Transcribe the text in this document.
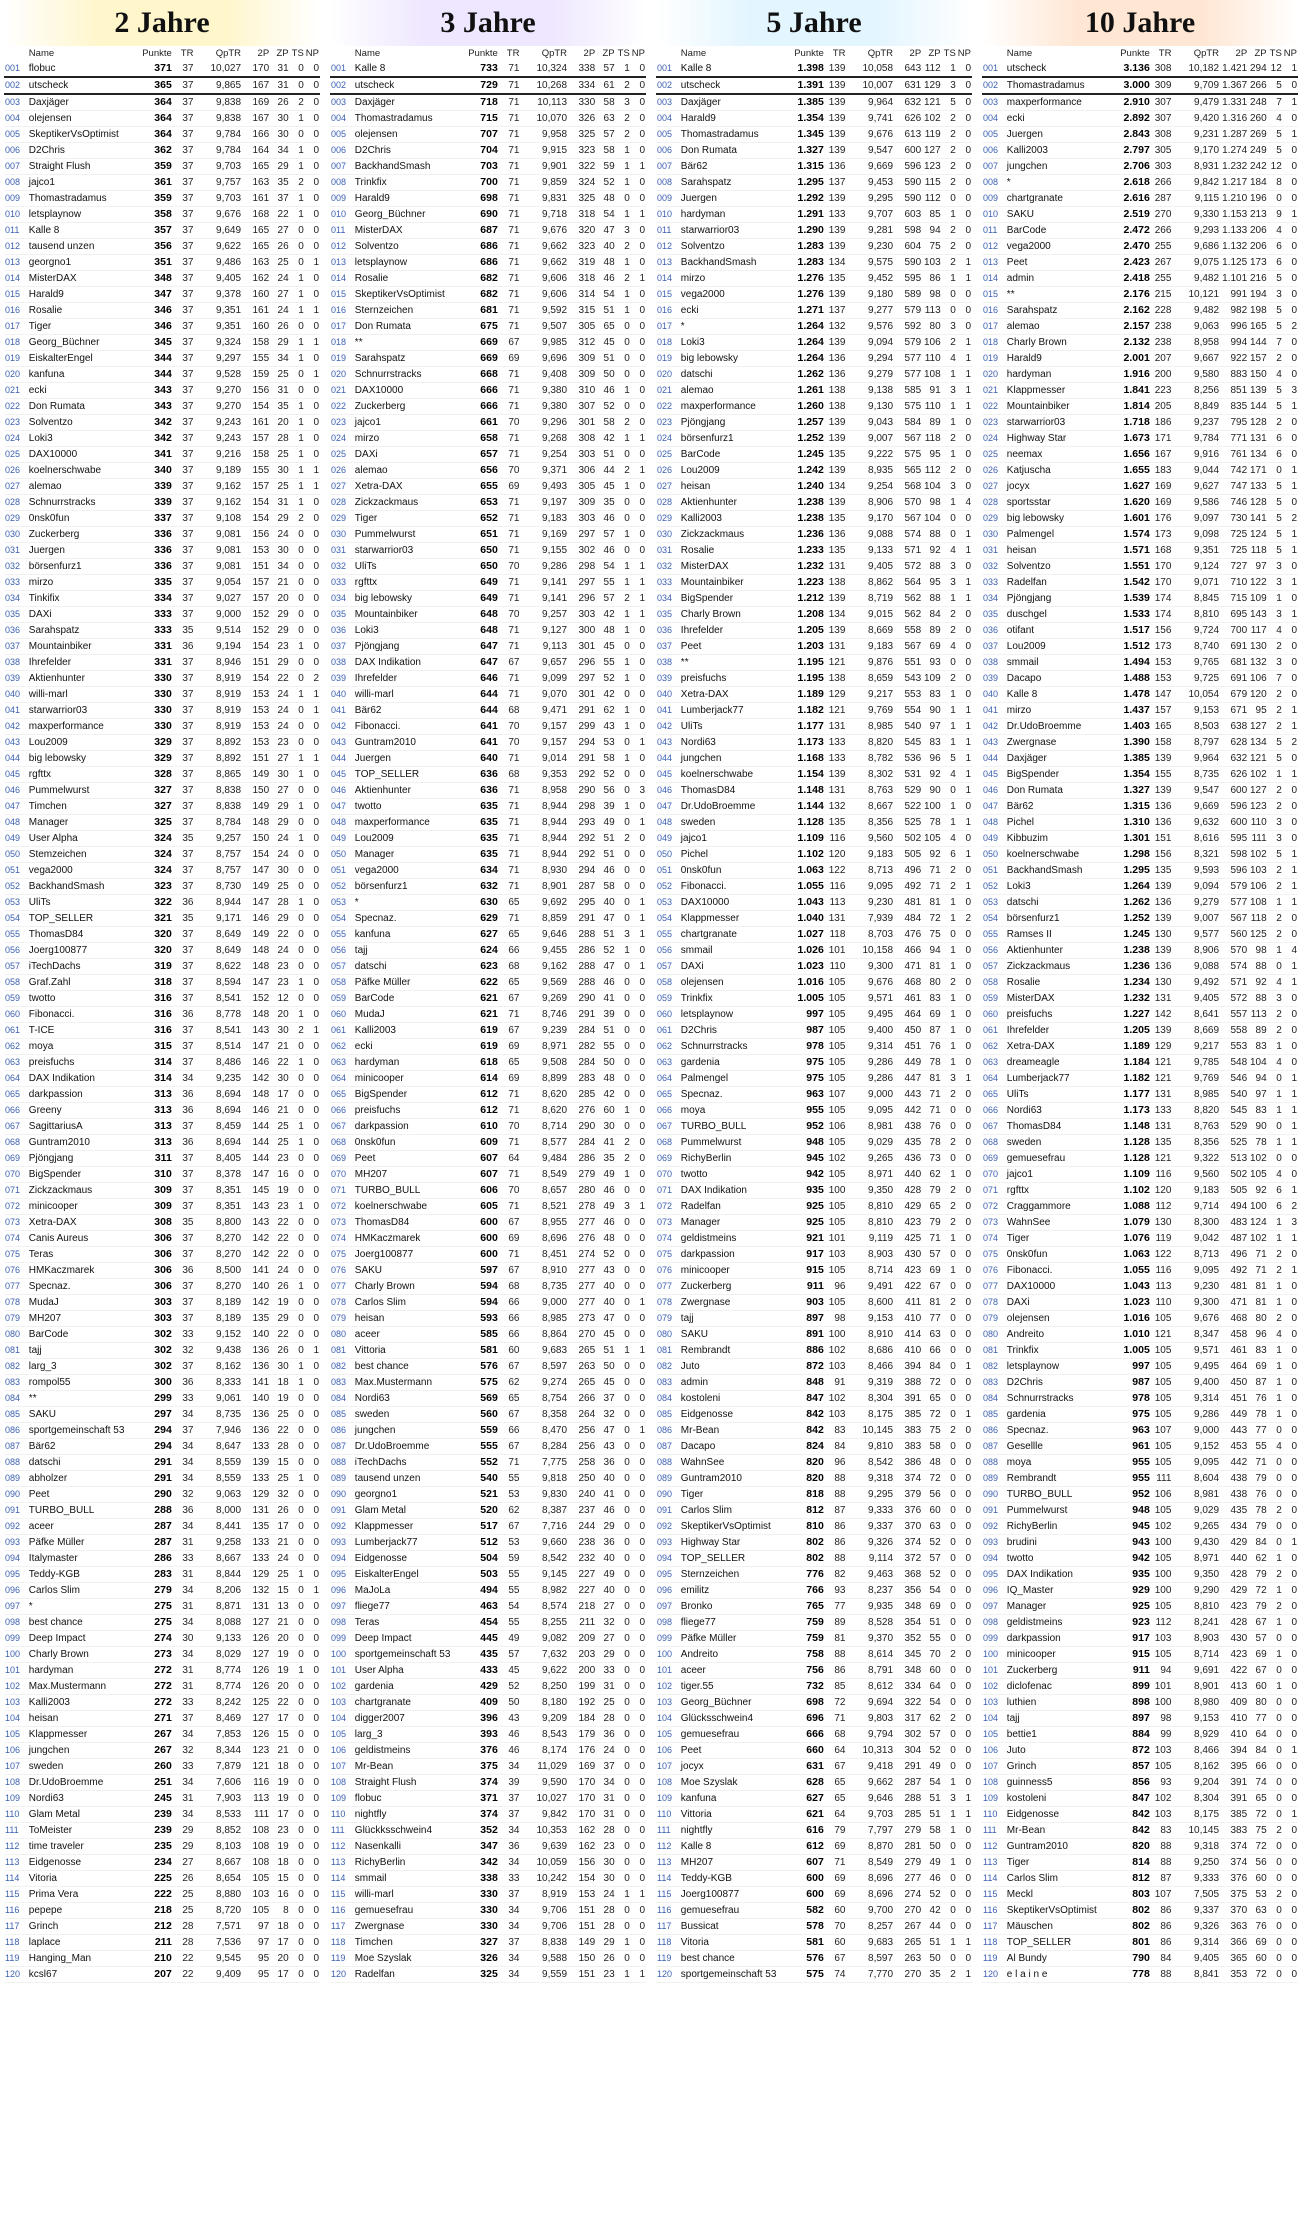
2 Jahre
	Name	Punkte	TR	QpTR	2P	ZP	TS	NP
001	flobuc	371	37	10,027	170	31	0	0
002	utscheck	365	37	9,865	167	31	0	0
003	Daxjäger	364	37	9,838	169	26	2	0
004	olejensen	364	37	9,838	167	30	1	0
005	SkeptikerVsOptimist	364	37	9,784	166	30	0	0
006	D2Chris	362	37	9,784	164	34	1	0
007	Straight Flush	359	37	9,703	165	29	1	0
008	jajco1	361	37	9,757	163	35	2	0
009	Thomastradamus	359	37	9,703	161	37	1	0
010	letsplaynow	358	37	9,676	168	22	1	0
011	Kalle 8	357	37	9,649	165	27	0	0
012	tausend unzen	356	37	9,622	165	26	0	0
013	georgno1	351	37	9,486	163	25	0	1
014	MisterDAX	348	37	9,405	162	24	1	0
015	Harald9	347	37	9,378	160	27	1	0
016	Rosalie	346	37	9,351	161	24	1	1
017	Tiger	346	37	9,351	160	26	0	0
018	Georg_Büchner	345	37	9,324	158	29	1	1
019	EiskalterEngel	344	37	9,297	155	34	1	0
020	kanfuna	344	37	9,528	159	25	0	1
021	ecki	343	37	9,270	156	31	0	0
022	Don Rumata	343	37	9,270	154	35	1	0
023	Solventzo	342	37	9,243	161	20	1	0
024	Loki3	342	37	9,243	157	28	1	0
025	DAX10000	341	37	9,216	158	25	1	0
026	koelnerschwabe	340	37	9,189	155	30	1	1
027	alemao	339	37	9,162	157	25	1	1
028	Schnurrstracks	339	37	9,162	154	31	1	0
029	0nsk0fun	337	37	9,108	154	29	2	0
030	Zuckerberg	336	37	9,081	156	24	0	0
031	Juergen	336	37	9,081	153	30	0	0
032	börsenfurz1	336	37	9,081	151	34	0	0
033	mirzo	335	37	9,054	157	21	0	0
034	Tinkifix	334	37	9,027	157	20	0	0
035	DAXi	333	37	9,000	152	29	0	0
036	Sarahspatz	333	35	9,514	152	29	0	0
037	Mountainbiker	331	36	9,194	154	23	1	0
038	Ihrefelder	331	37	8,946	151	29	0	0
039	Aktienhunter	330	37	8,919	154	22	0	2
040	willi-marl	330	37	8,919	153	24	1	1
041	starwarrior03	330	37	8,919	153	24	0	1
042	maxperformance	330	37	8,919	153	24	0	0
043	Lou2009	329	37	8,892	153	23	0	0
044	big lebowsky	329	37	8,892	151	27	1	1
045	rgfttx	328	37	8,865	149	30	1	0
046	Pummelwurst	327	37	8,838	150	27	0	0
047	Timchen	327	37	8,838	149	29	1	0
048	Manager	325	37	8,784	148	29	0	0
049	User Alpha	324	35	9,257	150	24	1	0
050	Stemzeichen	324	37	8,757	154	24	0	0
051	vega2000	324	37	8,757	147	30	0	0
052	BackhandSmash	323	37	8,730	149	25	0	0
053	UliTs	322	36	8,944	147	28	1	0
054	TOP_SELLER	321	35	9,171	146	29	0	0
055	ThomasD84	320	37	8,649	149	22	0	0
056	Joerg100877	320	37	8,649	148	24	0	0
057	iTechDachs	319	37	8,622	148	23	0	0
058	Graf.Zahl	318	37	8,594	147	23	1	0
059	twotto	316	37	8,541	152	12	0	0
060	Fibonacci.	316	36	8,778	148	20	1	0
061	T-ICE	316	37	8,541	143	30	2	1
062	moya	315	37	8,514	147	21	0	0
063	preisfuchs	314	37	8,486	146	22	1	0
064	DAX Indikation	314	34	9,235	142	30	0	0
065	darkpassion	313	36	8,694	148	17	0	0
066	Greeny	313	36	8,694	146	21	0	0
067	SagittariusA	313	37	8,459	144	25	1	0
068	Guntram2010	313	36	8,694	144	25	1	0
069	Pjöngjang	311	37	8,405	144	23	0	0
070	BigSpender	310	37	8,378	147	16	0	0
071	Zickzackmaus	309	37	8,351	145	19	0	0
072	minicooper	309	37	8,351	143	23	1	0
073	Xetra-DAX	308	35	8,800	143	22	0	0
074	Canis Aureus	306	37	8,270	142	22	0	0
075	Teras	306	37	8,270	142	22	0	0
076	HMKaczmarek	306	36	8,500	141	24	0	0
077	Specnaz.	306	37	8,270	140	26	1	0
078	MudaJ	303	37	8,189	142	19	0	0
079	MH207	303	37	8,189	135	29	0	0
080	BarCode	302	33	9,152	140	22	0	0
081	tajj	302	32	9,438	136	26	0	1
082	larg_3	302	37	8,162	136	30	1	0
083	rompol55	300	36	8,333	141	18	1	0
084	**	299	33	9,061	140	19	0	0
085	SAKU	297	34	8,735	136	25	0	0
086	sportgemeinschaft 53	294	37	7,946	136	22	0	0
087	Bär62	294	34	8,647	133	28	0	0
088	datschi	291	34	8,559	139	15	0	0
089	abholzer	291	34	8,559	133	25	1	0
090	Peet	290	32	9,063	129	32	0	0
091	TURBO_BULL	288	36	8,000	131	26	0	0
092	aceer	287	34	8,441	135	17	0	0
093	Päfke Müller	287	31	9,258	133	21	0	0
094	Italymaster	286	33	8,667	133	24	0	0
095	Teddy-KGB	283	31	8,844	129	25	1	0
096	Carlos Slim	279	34	8,206	132	15	0	1
097	*	275	31	8,871	131	13	0	0
098	best chance	275	34	8,088	127	21	0	0
099	Deep Impact	274	30	9,133	126	20	0	0
100	Charly Brown	273	34	8,029	127	19	0	0
101	hardyman	272	31	8,774	126	19	1	0
102	Max.Mustermann	272	31	8,774	126	20	0	0
103	Kalli2003	272	33	8,242	125	22	0	0
104	heisan	271	37	8,469	127	17	0	0
105	Klappmesser	267	34	7,853	126	15	0	0
106	jungchen	267	32	8,344	123	21	0	0
107	sweden	260	33	7,879	121	18	0	0
108	Dr.UdoBroemme	251	34	7,606	116	19	0	0
109	Nordi63	245	31	7,903	113	19	0	0
110	Glam Metal	239	34	8,533	111	17	0	0
111	ToMeister	239	29	8,852	108	23	0	0
112	time traveler	235	29	8,103	108	19	0	0
113	Eidgenosse	234	27	8,667	108	18	0	0
114	Vitoria	225	26	8,654	105	15	0	0
115	Prima Vera	222	25	8,880	103	16	0	0
116	pepepe	218	25	8,720	105	8	0	0
117	Grinch	212	28	7,571	97	18	0	0
118	laplace	211	28	7,536	97	17	0	0
119	Hanging_Man	210	22	9,545	95	20	0	0
120	kcsl67	207	22	9,409	95	17	0	0
3 Jahre
	Name	Punkte	TR	QpTR	2P	ZP	TS	NP
001	Kalle 8	733	71	10,324	338	57	1	0
002	utscheck	729	71	10,268	334	61	2	0
003	Daxjäger	718	71	10,113	330	58	3	0
004	Thomastradamus	715	71	10,070	326	63	2	0
005	olejensen	707	71	9,958	325	57	2	0
006	D2Chris	704	71	9,915	323	58	1	0
007	BackhandSmash	703	71	9,901	322	59	1	1
008	Trinkfix	700	71	9,859	324	52	1	0
009	Harald9	698	71	9,831	325	48	0	0
010	Georg_Büchner	690	71	9,718	318	54	1	1
011	MisterDAX	687	71	9,676	320	47	3	0
012	Solventzo	686	71	9,662	323	40	2	0
013	letsplaynow	686	71	9,662	319	48	1	0
014	Rosalie	682	71	9,606	318	46	2	1
015	SkeptikerVsOptimist	682	71	9,606	314	54	1	0
016	Sternzeichen	681	71	9,592	315	51	1	0
017	Don Rumata	675	71	9,507	305	65	0	0
018	**	669	67	9,985	312	45	0	0
019	Sarahspatz	669	69	9,696	309	51	0	0
020	Schnurrstracks	668	71	9,408	309	50	0	0
021	DAX10000	666	71	9,380	310	46	1	0
022	Zuckerberg	666	71	9,380	307	52	0	0
023	jajco1	661	70	9,296	301	58	2	0
024	mirzo	658	71	9,268	308	42	1	1
025	DAXi	657	71	9,254	303	51	0	0
026	alemao	656	70	9,371	306	44	2	1
027	Xetra-DAX	655	69	9,493	305	45	1	0
028	Zickzackmaus	653	71	9,197	309	35	0	0
029	Tiger	652	71	9,183	303	46	0	0
030	Pummelwurst	651	71	9,169	297	57	1	0
031	starwarrior03	650	71	9,155	302	46	0	0
032	UliTs	650	70	9,286	298	54	1	1
033	rgfttx	649	71	9,141	297	55	1	1
034	big lebowsky	649	71	9,141	296	57	2	1
035	Mountainbiker	648	70	9,257	303	42	1	1
036	Loki3	648	71	9,127	300	48	1	0
037	Pjöngjang	647	71	9,113	301	45	0	0
038	DAX Indikation	647	67	9,657	296	55	1	0
039	Ihrefelder	646	71	9,099	297	52	1	0
040	willi-marl	644	71	9,070	301	42	0	0
041	Bär62	644	68	9,471	291	62	1	0
042	Fibonacci.	641	70	9,157	299	43	1	0
043	Guntram2010	641	70	9,157	294	53	0	1
044	Juergen	640	71	9,014	291	58	1	0
045	TOP_SELLER	636	68	9,353	292	52	0	0
046	Aktienhunter	636	71	8,958	290	56	0	3
047	twotto	635	71	8,944	298	39	1	0
048	maxperformance	635	71	8,944	293	49	0	1
049	Lou2009	635	71	8,944	292	51	2	0
050	Manager	635	71	8,944	292	51	0	0
051	vega2000	634	71	8,930	294	46	0	0
052	börsenfurz1	632	71	8,901	287	58	0	0
053	*	630	65	9,692	295	40	0	1
054	Specnaz.	629	71	8,859	291	47	0	1
055	kanfuna	627	65	9,646	288	51	3	1
056	tajj	624	66	9,455	286	52	1	0
057	datschi	623	68	9,162	288	47	0	1
058	Päfke Müller	622	65	9,569	288	46	0	0
059	BarCode	621	67	9,269	290	41	0	0
060	MudaJ	621	71	8,746	291	39	0	0
061	Kalli2003	619	67	9,239	284	51	0	0
062	ecki	619	69	8,971	282	55	0	0
063	hardyman	618	65	9,508	284	50	0	0
064	minicooper	614	69	8,899	283	48	0	0
065	BigSpender	612	71	8,620	285	42	0	0
066	preisfuchs	612	71	8,620	276	60	1	0
067	darkpassion	610	70	8,714	290	30	0	0
068	0nsk0fun	609	71	8,577	284	41	2	0
069	Peet	607	64	9,484	286	35	2	0
070	MH207	607	71	8,549	279	49	1	0
071	TURBO_BULL	606	70	8,657	280	46	0	0
072	koelnerschwabe	605	71	8,521	278	49	3	1
073	ThomasD84	600	67	8,955	277	46	0	0
074	HMKaczmarek	600	69	8,696	276	48	0	0
075	Joerg100877	600	71	8,451	274	52	0	0
076	SAKU	597	67	8,910	277	43	0	0
077	Charly Brown	594	68	8,735	277	40	0	0
078	Carlos Slim	594	66	9,000	277	40	0	1
079	heisan	593	66	8,985	273	47	0	0
080	aceer	585	66	8,864	270	45	0	0
081	Vittoria	581	60	9,683	265	51	1	1
082	best chance	576	67	8,597	263	50	0	0
083	Max.Mustermann	575	62	9,274	265	45	0	0
084	Nordi63	569	65	8,754	266	37	0	0
085	sweden	560	67	8,358	264	32	0	0
086	jungchen	559	66	8,470	256	47	0	1
087	Dr.UdoBroemme	555	67	8,284	256	43	0	0
088	iTechDachs	552	71	7,775	258	36	0	0
089	tausend unzen	540	55	9,818	250	40	0	0
090	georgno1	521	53	9,830	240	41	0	0
091	Glam Metal	520	62	8,387	237	46	0	0
092	Klappmesser	517	67	7,716	244	29	0	0
093	Lumberjack77	512	53	9,660	238	36	0	0
094	Eidgenosse	504	59	8,542	232	40	0	0
095	EiskalterEngel	503	55	9,145	227	49	0	0
096	MaJoLa	494	55	8,982	227	40	0	0
097	fliege77	463	54	8,574	218	27	0	0
098	Teras	454	55	8,255	211	32	0	0
099	Deep Impact	445	49	9,082	209	27	0	0
100	sportgemeinschaft 53	435	57	7,632	203	29	0	0
101	User Alpha	433	45	9,622	200	33	0	0
102	gardenia	429	52	8,250	199	31	0	0
103	chartgranate	409	50	8,180	192	25	0	0
104	digger2007	396	43	9,209	184	28	0	0
105	larg_3	393	46	8,543	179	36	0	0
106	geldistmeins	376	46	8,174	176	24	0	0
107	Mr-Bean	375	34	11,029	169	37	0	0
108	Straight Flush	374	39	9,590	170	34	0	0
109	flobuc	371	37	10,027	170	31	0	0
110	nightfly	374	37	9,842	170	31	0	0
111	Glückksschwein4	352	34	10,353	162	28	0	0
112	Nasenkalli	347	36	9,639	162	23	0	0
113	RichyBerlin	342	34	10,059	156	30	0	0
114	smmail	338	33	10,242	154	30	0	0
115	willi-marl	330	37	8,919	153	24	1	1
116	gemuesefrau	330	34	9,706	151	28	0	0
117	Zwergnase	330	34	9,706	151	28	0	0
118	Timchen	327	37	8,838	149	29	1	0
119	Moe Szyslak	326	34	9,588	150	26	0	0
120	Radelfan	325	34	9,559	151	23	1	1
5 Jahre
	Name	Punkte	TR	QpTR	2P	ZP	TS	NP
001	Kalle 8	1.398	139	10,058	643	112	1	0
002	utscheck	1.391	139	10,007	631	129	3	0
003	Daxjäger	1.385	139	9,964	632	121	5	0
004	Harald9	1.354	139	9,741	626	102	2	0
005	Thomastradamus	1.345	139	9,676	613	119	2	0
006	Don Rumata	1.327	139	9,547	600	127	2	0
007	Bär62	1.315	136	9,669	596	123	2	0
008	Sarahspatz	1.295	137	9,453	590	115	2	0
009	Juergen	1.292	139	9,295	590	112	0	0
010	hardyman	1.291	133	9,707	603	85	1	0
011	starwarrior03	1.290	139	9,281	598	94	2	0
012	Solventzo	1.283	139	9,230	604	75	2	0
013	BackhandSmash	1.283	134	9,575	590	103	2	1
014	mirzo	1.276	135	9,452	595	86	1	1
015	vega2000	1.276	139	9,180	589	98	0	0
016	ecki	1.271	137	9,277	579	113	0	0
017	*	1.264	132	9,576	592	80	3	0
018	Loki3	1.264	139	9,094	579	106	2	1
019	big lebowsky	1.264	136	9,294	577	110	4	1
020	datschi	1.262	136	9,279	577	108	1	1
021	alemao	1.261	138	9,138	585	91	3	1
022	maxperformance	1.260	138	9,130	575	110	1	1
023	Pjöngjang	1.257	139	9,043	584	89	1	0
024	börsenfurz1	1.252	139	9,007	567	118	2	0
025	BarCode	1.245	135	9,222	575	95	1	0
026	Lou2009	1.242	139	8,935	565	112	2	0
027	heisan	1.240	134	9,254	568	104	3	0
028	Aktienhunter	1.238	139	8,906	570	98	1	4
029	Kalli2003	1.238	135	9,170	567	104	0	0
030	Zickzackmaus	1.236	136	9,088	574	88	0	1
031	Rosalie	1.233	135	9,133	571	92	4	1
032	MisterDAX	1.232	131	9,405	572	88	3	0
033	Mountainbiker	1.223	138	8,862	564	95	3	1
034	BigSpender	1.212	139	8,719	562	88	1	1
035	Charly Brown	1.208	134	9,015	562	84	2	0
036	Ihrefelder	1.205	139	8,669	558	89	2	0
037	Peet	1.203	131	9,183	567	69	4	0
038	**	1.195	121	9,876	551	93	0	0
039	preisfuchs	1.195	138	8,659	543	109	2	0
040	Xetra-DAX	1.189	129	9,217	553	83	1	0
041	Lumberjack77	1.182	121	9,769	554	90	1	1
042	UliTs	1.177	131	8,985	540	97	1	1
043	Nordi63	1.173	133	8,820	545	83	1	1
044	jungchen	1.168	133	8,782	536	96	5	1
045	koelnerschwabe	1.154	139	8,302	531	92	4	1
046	ThomasD84	1.148	131	8,763	529	90	0	1
047	Dr.UdoBroemme	1.144	132	8,667	522	100	1	0
048	sweden	1.128	135	8,356	525	78	1	1
049	jajco1	1.109	116	9,560	502	105	4	0
050	Pichel	1.102	120	9,183	505	92	6	1
051	0nsk0fun	1.063	122	8,713	496	71	2	0
052	Fibonacci.	1.055	116	9,095	492	71	2	1
053	DAX10000	1.043	113	9,230	481	81	1	0
054	Klappmesser	1.040	131	7,939	484	72	1	2
055	chartgranate	1.027	118	8,703	476	75	0	0
056	smmail	1.026	101	10,158	466	94	1	0
057	DAXi	1.023	110	9,300	471	81	1	0
058	olejensen	1.016	105	9,676	468	80	2	0
059	Trinkfix	1.005	105	9,571	461	83	1	0
060	letsplaynow	997	105	9,495	464	69	1	0
061	D2Chris	987	105	9,400	450	87	1	0
062	Schnurrstracks	978	105	9,314	451	76	1	0
063	gardenia	975	105	9,286	449	78	1	0
064	Palmengel	975	105	9,286	447	81	3	1
065	Specnaz.	963	107	9,000	443	71	2	0
066	moya	955	105	9,095	442	71	0	0
067	TURBO_BULL	952	106	8,981	438	76	0	0
068	Pummelwurst	948	105	9,029	435	78	2	0
069	RichyBerlin	945	102	9,265	436	73	0	0
070	twotto	942	105	8,971	440	62	1	0
071	DAX Indikation	935	100	9,350	428	79	2	0
072	Radelfan	925	105	8,810	429	65	2	0
073	Manager	925	105	8,810	423	79	2	0
074	geldistmeins	921	101	9,119	425	71	1	0
075	darkpassion	917	103	8,903	430	57	0	0
076	minicooper	915	105	8,714	423	69	1	0
077	Zuckerberg	911	96	9,491	422	67	0	0
078	Zwergnase	903	105	8,600	411	81	2	0
079	tajj	897	98	9,153	410	77	0	0
080	SAKU	891	100	8,910	414	63	0	0
081	Rembrandt	886	102	8,686	410	66	0	0
082	Juto	872	103	8,466	394	84	0	1
083	admin	848	91	9,319	388	72	0	0
084	kostoleni	847	102	8,304	391	65	0	0
085	Eidgenosse	842	103	8,175	385	72	0	1
086	Mr-Bean	842	83	10,145	383	75	2	0
087	Dacapo	824	84	9,810	383	58	0	0
088	WahnSee	820	96	8,542	386	48	0	0
089	Guntram2010	820	88	9,318	374	72	0	0
090	Tiger	818	88	9,295	379	56	0	0
091	Carlos Slim	812	87	9,333	376	60	0	0
092	SkeptikerVsOptimist	810	86	9,337	370	63	0	0
093	Highway Star	802	86	9,326	374	52	0	0
094	TOP_SELLER	802	88	9,114	372	57	0	0
095	Sternzeichen	776	82	9,463	368	52	0	0
096	emilitz	766	93	8,237	356	54	0	0
097	Bronko	765	77	9,935	348	69	0	0
098	fliege77	759	89	8,528	354	51	0	0
099	Päfke Müller	759	81	9,370	352	55	0	0
100	Andreito	758	88	8,614	345	70	2	0
101	aceer	756	86	8,791	348	60	0	0
102	tiger.55	732	85	8,612	334	64	0	0
103	Georg_Büchner	698	72	9,694	322	54	0	0
104	Glücksschwein4	696	71	9,803	317	62	2	0
105	gemuesefrau	666	68	9,794	302	57	0	0
106	Peet	660	64	10,313	304	52	0	0
107	jocyx	631	67	9,418	291	49	0	0
108	Moe Szyslak	628	65	9,662	287	54	1	0
109	kanfuna	627	65	9,646	288	51	3	1
110	Vittoria	621	64	9,703	285	51	1	1
111	nightfly	616	79	7,797	279	58	1	0
112	Kalle 8	612	69	8,870	281	50	0	0
113	MH207	607	71	8,549	279	49	1	0
114	Teddy-KGB	600	69	8,696	277	46	0	0
115	Joerg100877	600	69	8,696	274	52	0	0
116	gemuesefrau	582	60	9,700	270	42	0	0
117	Bussicat	578	70	8,257	267	44	0	0
118	Vitoria	581	60	9,683	265	51	1	1
119	best chance	576	67	8,597	263	50	0	0
120	sportgemeinschaft 53	575	74	7,770	270	35	2	1
10 Jahre
	Name	Punkte	TR	QpTR	2P	ZP	TS	NP
001	utscheck	3.136	308	10,182	1.421	294	12	1
002	Thomastradamus	3.000	309	9,709	1.367	266	5	0
003	maxperformance	2.910	307	9,479	1.331	248	7	1
004	ecki	2.892	307	9,420	1.316	260	4	0
005	Juergen	2.843	308	9,231	1.287	269	5	1
006	Kalli2003	2.797	305	9,170	1.274	249	5	0
007	jungchen	2.706	303	8,931	1.232	242	12	0
008	*	2.618	266	9,842	1.217	184	8	0
009	chartgranate	2.616	287	9,115	1.210	196	0	0
010	SAKU	2.519	270	9,330	1.153	213	9	1
011	BarCode	2.472	266	9,293	1.133	206	4	0
012	vega2000	2.470	255	9,686	1.132	206	6	0
013	Peet	2.423	267	9,075	1.125	173	6	0
014	admin	2.418	255	9,482	1.101	216	5	0
015	**	2.176	215	10,121	991	194	3	0
016	Sarahspatz	2.162	228	9,482	982	198	5	0
017	alemao	2.157	238	9,063	996	165	5	2
018	Charly Brown	2.132	238	8,958	994	144	7	0
019	Harald9	2.001	207	9,667	922	157	2	0
020	hardyman	1.916	200	9,580	883	150	4	0
021	Klappmesser	1.841	223	8,256	851	139	5	3
022	Mountainbiker	1.814	205	8,849	835	144	5	1
023	starwarrior03	1.718	186	9,237	795	128	2	0
024	Highway Star	1.673	171	9,784	771	131	6	0
025	neemax	1.656	167	9,916	761	134	6	0
026	Katjuscha	1.655	183	9,044	742	171	0	1
027	jocyx	1.627	169	9,627	747	133	5	1
028	sportsstar	1.620	169	9,586	746	128	5	0
029	big lebowsky	1.601	176	9,097	730	141	5	2
030	Palmengel	1.574	173	9,098	725	124	5	1
031	heisan	1.571	168	9,351	725	118	5	1
032	Solventzo	1.551	170	9,124	727	97	3	0
033	Radelfan	1.542	170	9,071	710	122	3	1
034	Pjöngjang	1.539	174	8,845	715	109	1	0
035	duschgel	1.533	174	8,810	695	143	3	1
036	otifant	1.517	156	9,724	700	117	4	0
037	Lou2009	1.512	173	8,740	691	130	2	0
038	smmail	1.494	153	9,765	681	132	3	0
039	Dacapo	1.488	153	9,725	691	106	7	0
040	Kalle 8	1.478	147	10,054	679	120	2	0
041	mirzo	1.437	157	9,153	671	95	2	1
042	Dr.UdoBroemme	1.403	165	8,503	638	127	2	1
043	Zwergnase	1.390	158	8,797	628	134	5	2
044	Daxjäger	1.385	139	9,964	632	121	5	0
045	BigSpender	1.354	155	8,735	626	102	1	1
046	Don Rumata	1.327	139	9,547	600	127	2	0
047	Bär62	1.315	136	9,669	596	123	2	0
048	Pichel	1.310	136	9,632	600	110	3	0
049	Kibbuzim	1.301	151	8,616	595	111	3	0
050	koelnerschwabe	1.298	156	8,321	598	102	5	1
051	BackhandSmash	1.295	135	9,593	596	103	2	1
052	Loki3	1.264	139	9,094	579	106	2	1
053	datschi	1.262	136	9,279	577	108	1	1
054	börsenfurz1	1.252	139	9,007	567	118	2	0
055	Ramses II	1.245	130	9,577	560	125	2	0
056	Aktienhunter	1.238	139	8,906	570	98	1	4
057	Zickzackmaus	1.236	136	9,088	574	88	0	1
058	Rosalie	1.234	130	9,492	571	92	4	1
059	MisterDAX	1.232	131	9,405	572	88	3	0
060	preisfuchs	1.227	142	8,641	557	113	2	0
061	Ihrefelder	1.205	139	8,669	558	89	2	0
062	Xetra-DAX	1.189	129	9,217	553	83	1	0
063	dreameagle	1.184	121	9,785	548	104	4	0
064	Lumberjack77	1.182	121	9,769	546	94	0	1
065	UliTs	1.177	131	8,985	540	97	1	1
066	Nordi63	1.173	133	8,820	545	83	1	1
067	ThomasD84	1.148	131	8,763	529	90	0	1
068	sweden	1.128	135	8,356	525	78	1	1
069	gemuesefrau	1.128	121	9,322	513	102	0	0
070	jajco1	1.109	116	9,560	502	105	4	0
071	rgfttx	1.102	120	9,183	505	92	6	1
072	Craggammore	1.088	112	9,714	494	100	6	2
073	WahnSee	1.079	130	8,300	483	124	1	3
074	Tiger	1.076	119	9,042	487	102	1	1
075	0nsk0fun	1.063	122	8,713	496	71	2	0
076	Fibonacci.	1.055	116	9,095	492	71	2	1
077	DAX10000	1.043	113	9,230	481	81	1	0
078	DAXi	1.023	110	9,300	471	81	1	0
079	olejensen	1.016	105	9,676	468	80	2	0
080	Andreito	1.010	121	8,347	458	96	4	0
081	Trinkfix	1.005	105	9,571	461	83	1	0
082	letsplaynow	997	105	9,495	464	69	1	0
083	D2Chris	987	105	9,400	450	87	1	0
084	Schnurrstracks	978	105	9,314	451	76	1	0
085	gardenia	975	105	9,286	449	78	1	0
086	Specnaz.	963	107	9,000	443	77	0	0
087	Gesellle	961	105	9,152	453	55	4	0
088	moya	955	105	9,095	442	71	0	0
089	Rembrandt	955	111	8,604	438	79	0	0
090	TURBO_BULL	952	106	8,981	438	76	0	0
091	Pummelwurst	948	105	9,029	435	78	2	0
092	RichyBerlin	945	102	9,265	434	79	0	0
093	brudini	943	100	9,430	429	84	0	1
094	twotto	942	105	8,971	440	62	1	0
095	DAX Indikation	935	100	9,350	428	79	2	0
096	IQ_Master	929	100	9,290	429	72	1	0
097	Manager	925	105	8,810	423	79	2	0
098	geldistmeins	923	112	8,241	428	67	1	0
099	darkpassion	917	103	8,903	430	57	0	0
100	minicooper	915	105	8,714	423	69	1	0
101	Zuckerberg	911	94	9,691	422	67	0	0
102	diclofenac	899	101	8,901	413	60	1	0
103	luthien	898	100	8,980	409	80	0	0
104	tajj	897	98	9,153	410	77	0	0
105	bettie1	884	99	8,929	410	64	0	0
106	Juto	872	103	8,466	394	84	0	1
107	Grinch	857	105	8,162	395	66	0	0
108	guinness5	856	93	9,204	391	74	0	0
109	kostoleni	847	102	8,304	391	65	0	0
110	Eidgenosse	842	103	8,175	385	72	0	1
111	Mr-Bean	842	83	10,145	383	75	2	0
112	Guntram2010	820	88	9,318	374	72	0	0
113	Tiger	814	88	9,250	374	56	0	0
114	Carlos Slim	812	87	9,333	376	60	0	0
115	Meckl	803	107	7,505	375	53	2	0
116	SkeptikerVsOptimist	802	86	9,337	370	63	0	0
117	Mäuschen	802	86	9,326	363	76	0	0
118	TOP_SELLER	801	86	9,314	366	69	0	0
119	Al Bundy	790	84	9,405	365	60	0	0
120	e l a i n e	778	88	8,841	353	72	0	0
